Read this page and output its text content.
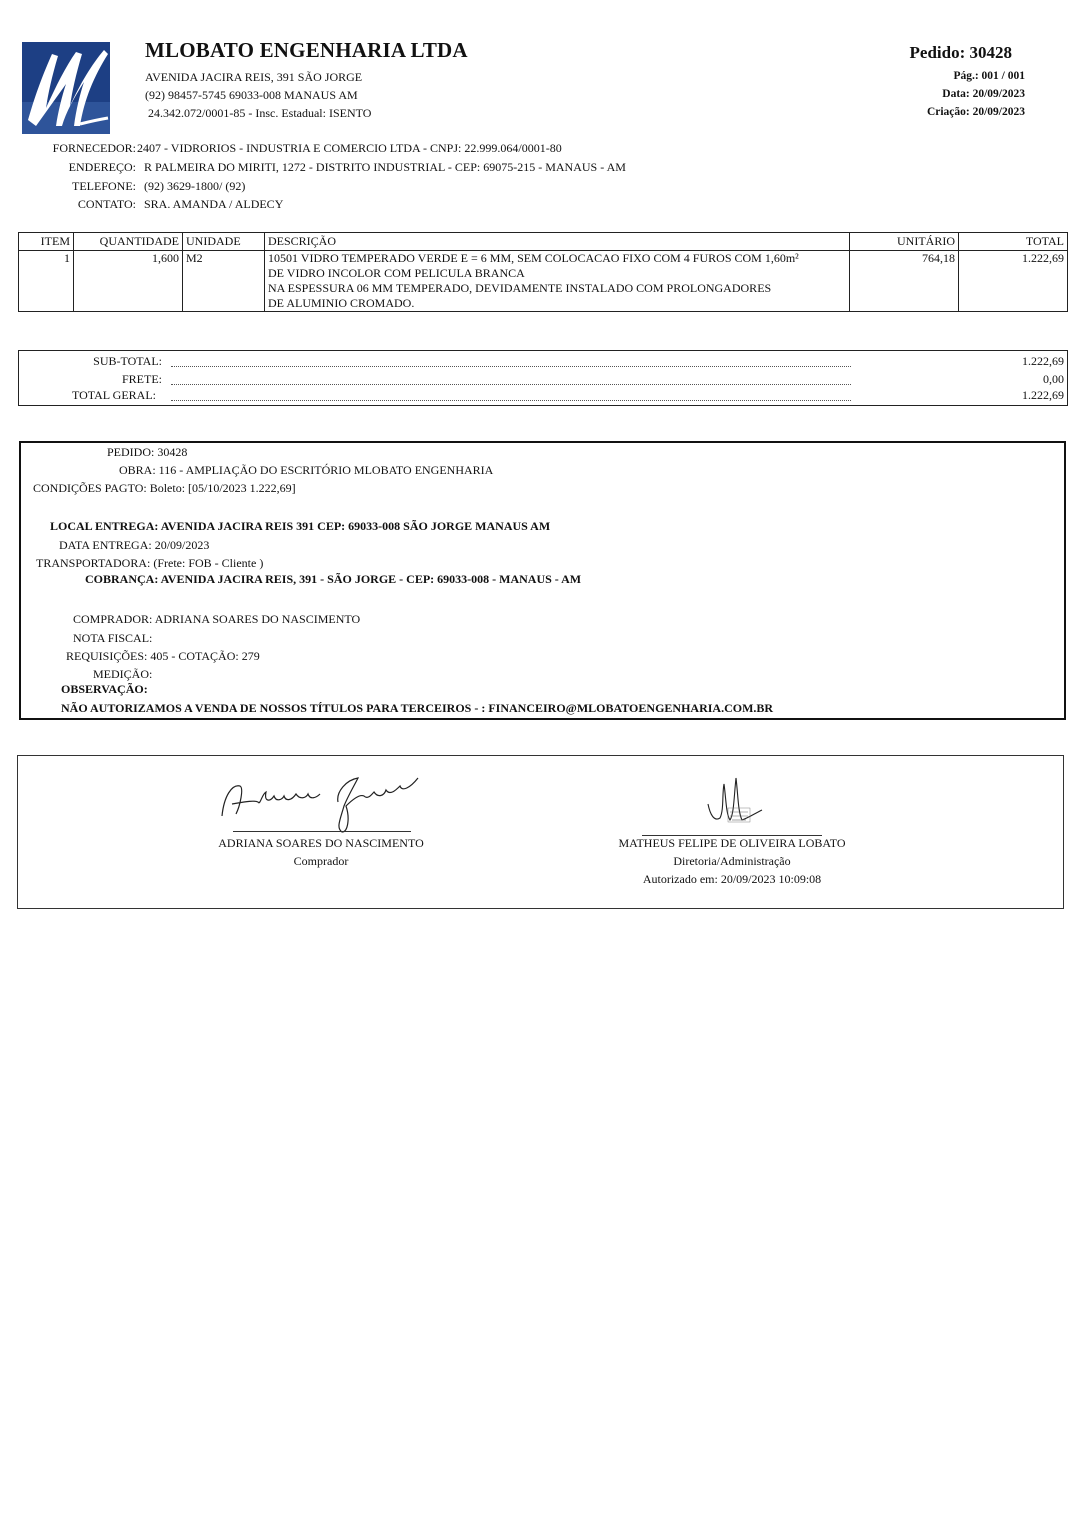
MLOBATO ENGENHARIA LTDA
AVENIDA JACIRA REIS, 391 SÃO JORGE
(92) 98457-5745 69033-008 MANAUS AM
24.342.072/0001-85 - Insc. Estadual: ISENTO
Pedido: 30428
Pág.: 001 / 001
Data: 20/09/2023
Criação: 20/09/2023
FORNECEDOR: 2407 - VIDRORIOS - INDUSTRIA E COMERCIO LTDA - CNPJ: 22.999.064/0001-80
ENDEREÇO: R PALMEIRA DO MIRITI, 1272 - DISTRITO INDUSTRIAL - CEP: 69075-215 - MANAUS - AM
TELEFONE: (92) 3629-1800/ (92)
CONTATO: SRA. AMANDA / ALDECY
ITEM	QUANTIDADE	UNIDADE	DESCRIÇÃO	UNITÁRIO	TOTAL
1	1,600	M2	10501 VIDRO TEMPERADO VERDE E = 6 MM, SEM COLOCACAO FIXO COM 4 FUROS COM 1,60m²
DE VIDRO INCOLOR COM PELICULA BRANCA
NA ESPESSURA 06 MM TEMPERADO, DEVIDAMENTE INSTALADO COM PROLONGADORES
DE ALUMINIO CROMADO.	764,18	1.222,69
SUB-TOTAL:	1.222,69
FRETE:	0,00
TOTAL GERAL:	1.222,69
PEDIDO: 30428
OBRA: 116 - AMPLIAÇÃO DO ESCRITÓRIO MLOBATO ENGENHARIA
CONDIÇÕES PAGTO: Boleto: [05/10/2023 1.222,69]
LOCAL ENTREGA: AVENIDA JACIRA REIS 391 CEP: 69033-008 SÃO JORGE MANAUS AM
DATA ENTREGA: 20/09/2023
TRANSPORTADORA: (Frete: FOB - Cliente )
COBRANÇA: AVENIDA JACIRA REIS, 391 - SÃO JORGE - CEP: 69033-008 - MANAUS - AM
COMPRADOR: ADRIANA SOARES DO NASCIMENTO
NOTA FISCAL:
REQUISIÇÕES: 405 - COTAÇÃO: 279
MEDIÇÃO:
OBSERVAÇÃO:
NÃO AUTORIZAMOS A VENDA DE NOSSOS TÍTULOS PARA TERCEIROS - : FINANCEIRO@MLOBATOENGENHARIA.COM.BR
ADRIANA SOARES DO NASCIMENTO
Comprador
MATHEUS FELIPE DE OLIVEIRA LOBATO
Diretoria/Administração
Autorizado em: 20/09/2023 10:09:08
